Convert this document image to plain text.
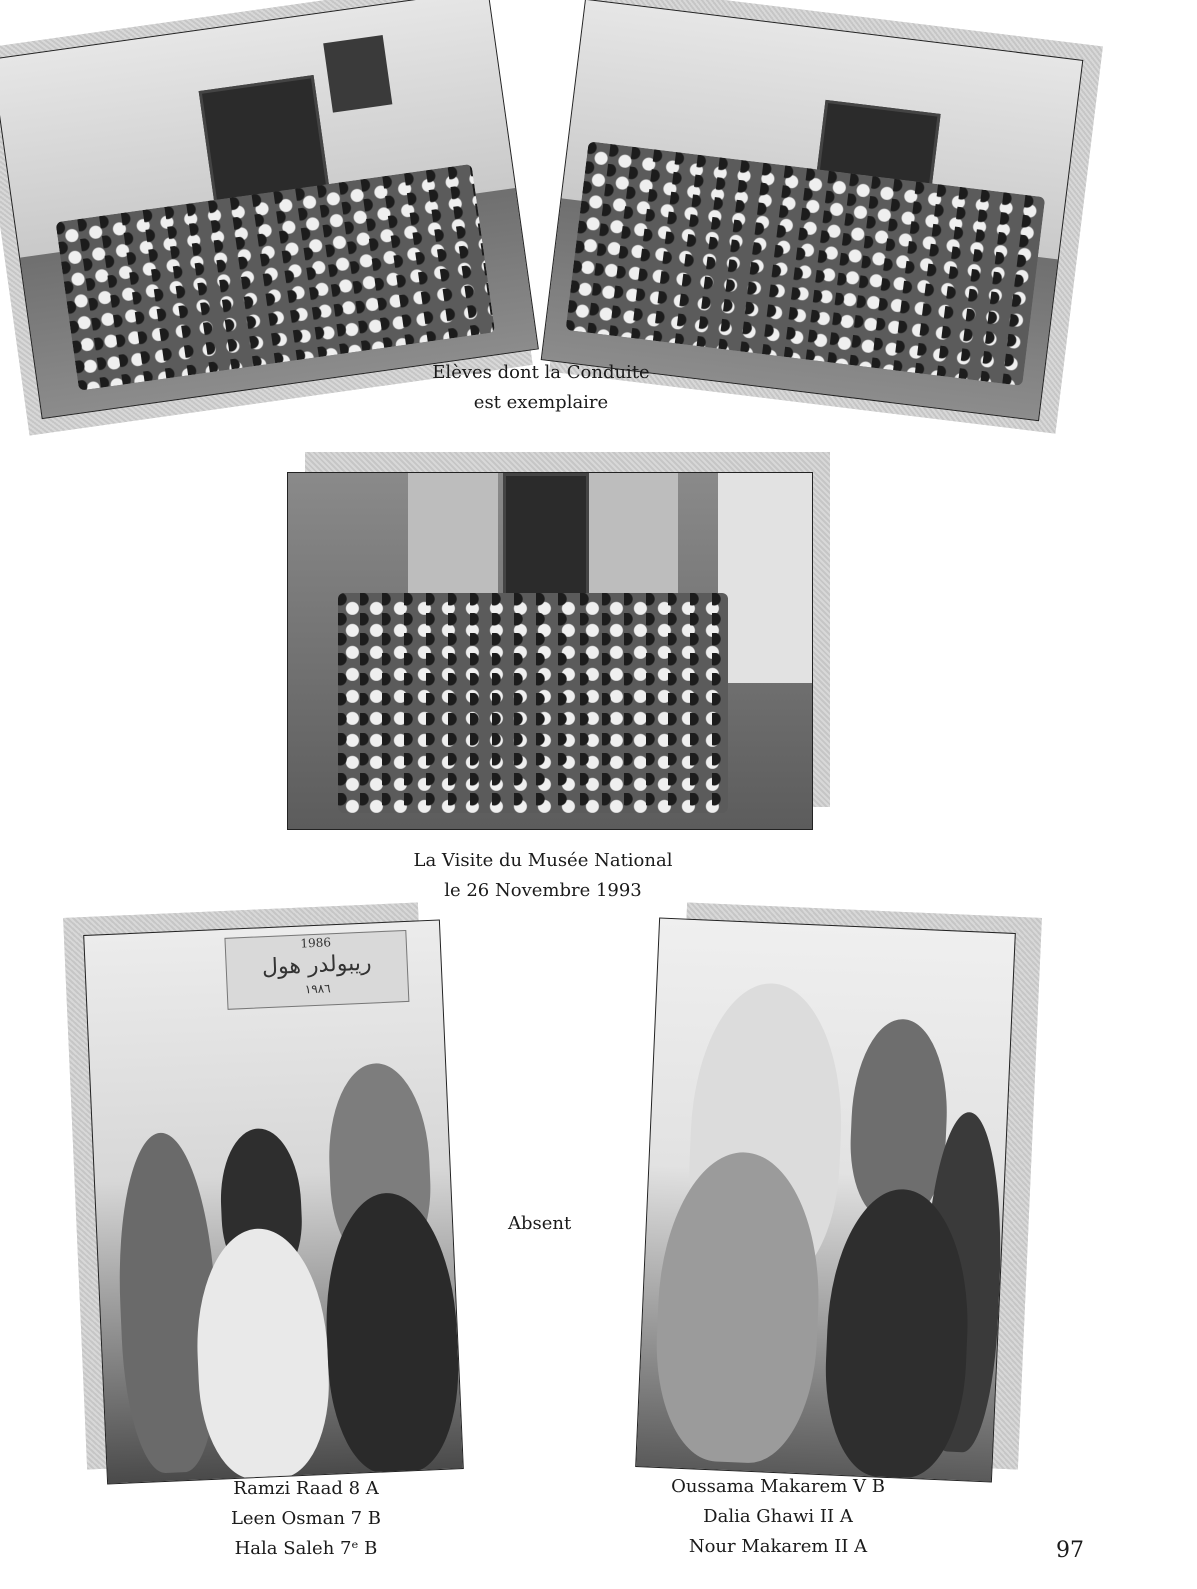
Elèves dont la Conduite
est exemplaire
La Visite du Musée National
le 26 Novembre 1993
1986
ريبولدر هول
١٩٨٦
Absent
Ramzi Raad 8 A
Leen Osman 7 B
Hala Saleh 7ᵉ B
Oussama Makarem V B
Dalia Ghawi II A
Nour Makarem II A	97
